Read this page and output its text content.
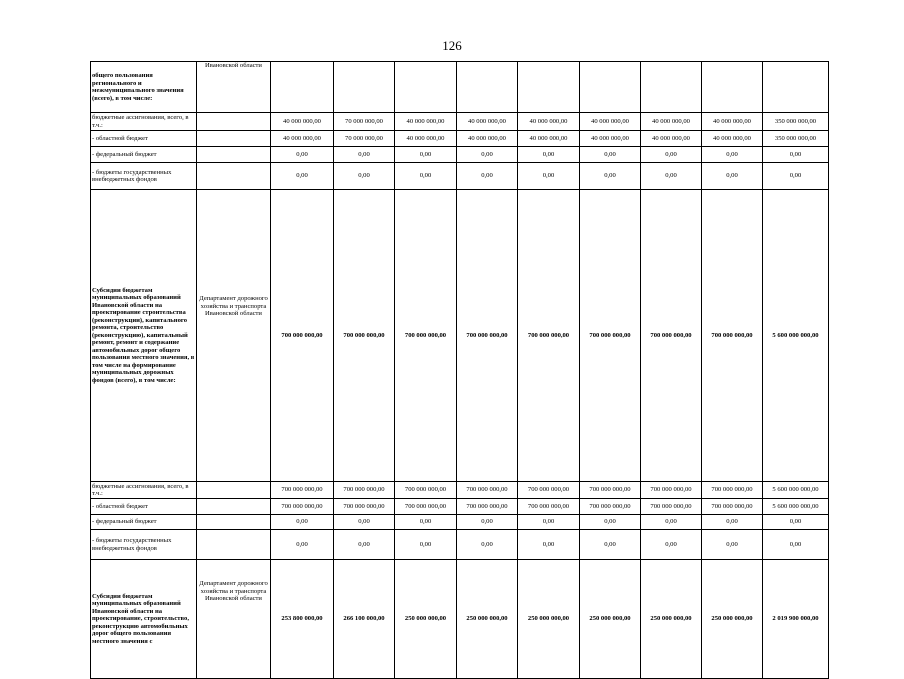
126
общего пользования регионального и межмуниципального значения (всего), в том числе:	Ивановской области									
бюджетные ассигнования, всего, в т.ч.:		40 000 000,00	70 000 000,00	40 000 000,00	40 000 000,00	40 000 000,00	40 000 000,00	40 000 000,00	40 000 000,00	350 000 000,00
- областной бюджет		40 000 000,00	70 000 000,00	40 000 000,00	40 000 000,00	40 000 000,00	40 000 000,00	40 000 000,00	40 000 000,00	350 000 000,00
- федеральный бюджет		0,00	0,00	0,00	0,00	0,00	0,00	0,00	0,00	0,00
- бюджеты государственных внебюджетных фондов		0,00	0,00	0,00	0,00	0,00	0,00	0,00	0,00	0,00
Субсидии бюджетам муниципальных образований Ивановской области на проектирование строительства (реконструкции), капитального ремонта, строительство (реконструкцию), капитальный ремонт, ремонт и содержание автомобильных дорог общего пользования местного значения, в том числе на формирование муниципальных дорожных фондов (всего), в том числе:	Департамент дорожного хозяйства и транспорта Ивановской области	700 000 000,00	700 000 000,00	700 000 000,00	700 000 000,00	700 000 000,00	700 000 000,00	700 000 000,00	700 000 000,00	5 600 000 000,00
бюджетные ассигнования, всего, в т.ч.:		700 000 000,00	700 000 000,00	700 000 000,00	700 000 000,00	700 000 000,00	700 000 000,00	700 000 000,00	700 000 000,00	5 600 000 000,00
- областной бюджет		700 000 000,00	700 000 000,00	700 000 000,00	700 000 000,00	700 000 000,00	700 000 000,00	700 000 000,00	700 000 000,00	5 600 000 000,00
- федеральный бюджет		0,00	0,00	0,00	0,00	0,00	0,00	0,00	0,00	0,00
- бюджеты государственных внебюджетных фондов		0,00	0,00	0,00	0,00	0,00	0,00	0,00	0,00	0,00
Субсидии бюджетам муниципальных образований Ивановской области на проектирование, строительство, реконструкцию автомобильных дорог общего пользования местного значения с	Департамент дорожного хозяйства и транспорта Ивановской области	253 800 000,00	266 100 000,00	250 000 000,00	250 000 000,00	250 000 000,00	250 000 000,00	250 000 000,00	250 000 000,00	2 019 900 000,00
